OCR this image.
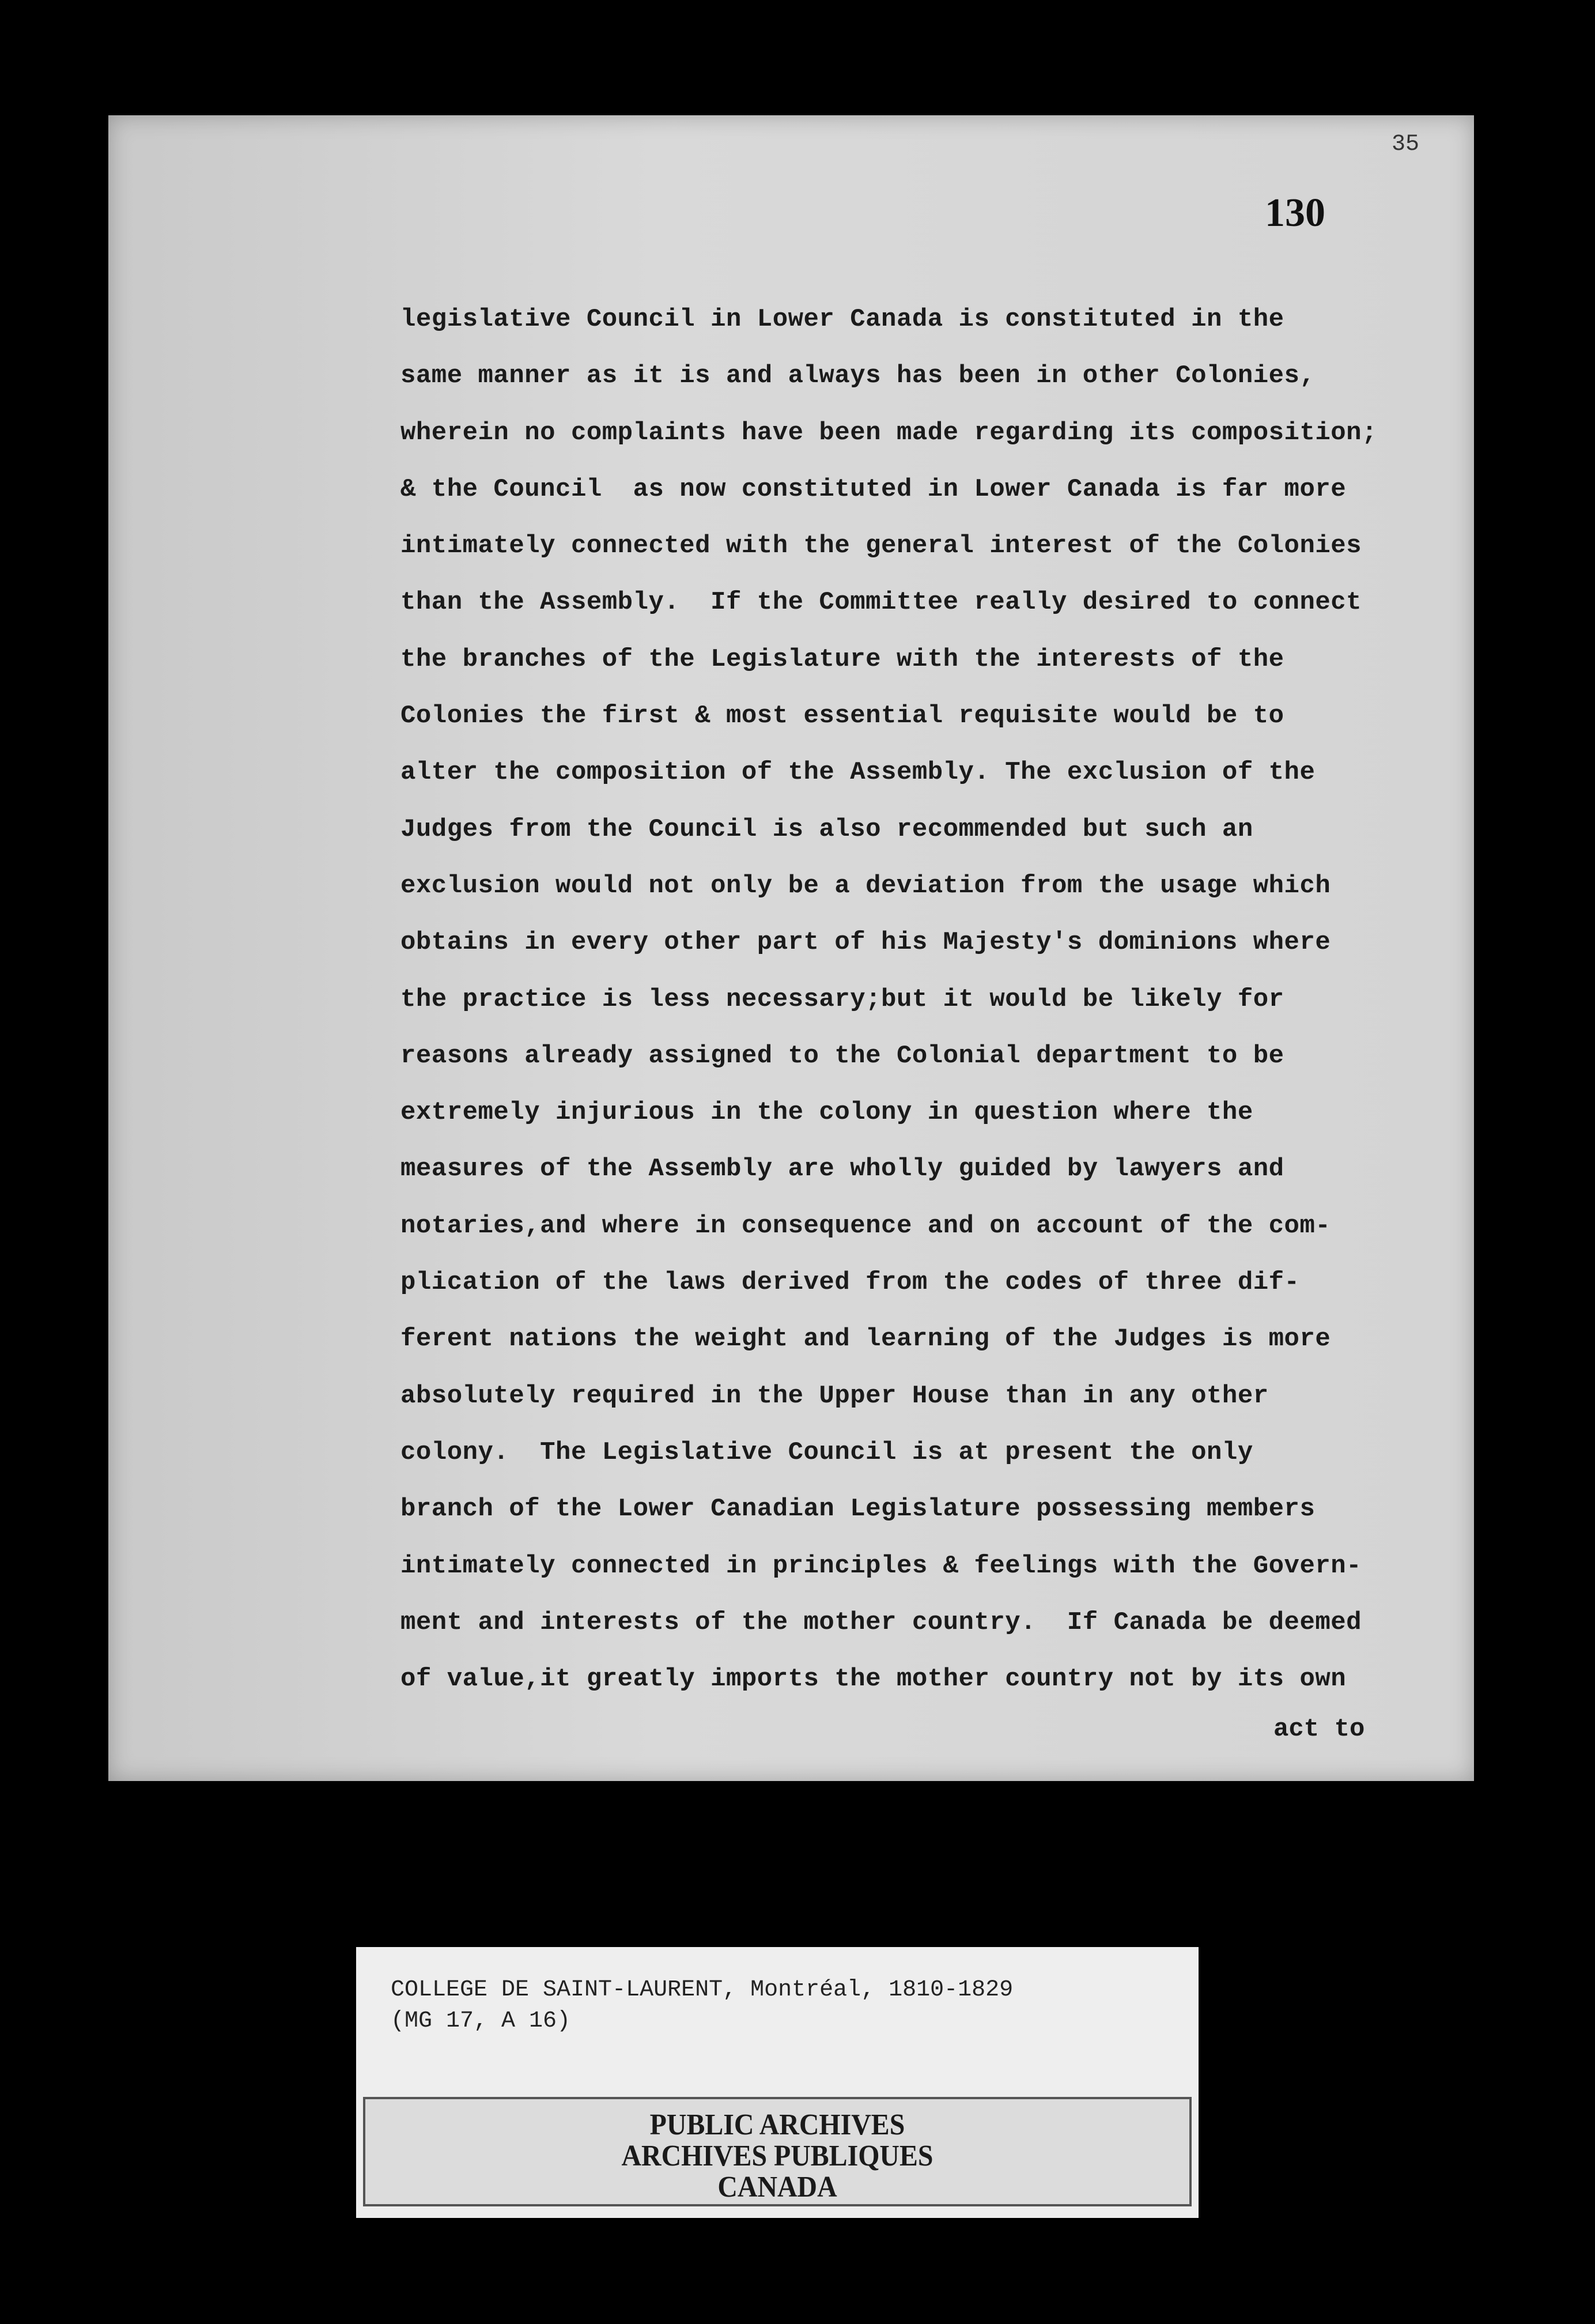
35
130
legislative Council in Lower Canada is constituted in the
same manner as it is and always has been in other Colonies,
wherein no complaints have been made regarding its composition;
& the Council  as now constituted in Lower Canada is far more
intimately connected with the general interest of the Colonies
than the Assembly.  If the Committee really desired to connect
the branches of the Legislature with the interests of the
Colonies the first & most essential requisite would be to
alter the composition of the Assembly. The exclusion of the
Judges from the Council is also recommended but such an
exclusion would not only be a deviation from the usage which
obtains in every other part of his Majesty's dominions where
the practice is less necessary;but it would be likely for
reasons already assigned to the Colonial department to be
extremely injurious in the colony in question where the
measures of the Assembly are wholly guided by lawyers and
notaries,and where in consequence and on account of the com-
plication of the laws derived from the codes of three dif-
ferent nations the weight and learning of the Judges is more
absolutely required in the Upper House than in any other
colony.  The Legislative Council is at present the only
branch of the Lower Canadian Legislature possessing members
intimately connected in principles & feelings with the Govern-
ment and interests of the mother country.  If Canada be deemed
of value,it greatly imports the mother country not by its own
act to
COLLEGE DE SAINT-LAURENT, Montréal, 1810-1829
(MG 17, A 16)
PUBLIC ARCHIVES
ARCHIVES PUBLIQUES
CANADA
